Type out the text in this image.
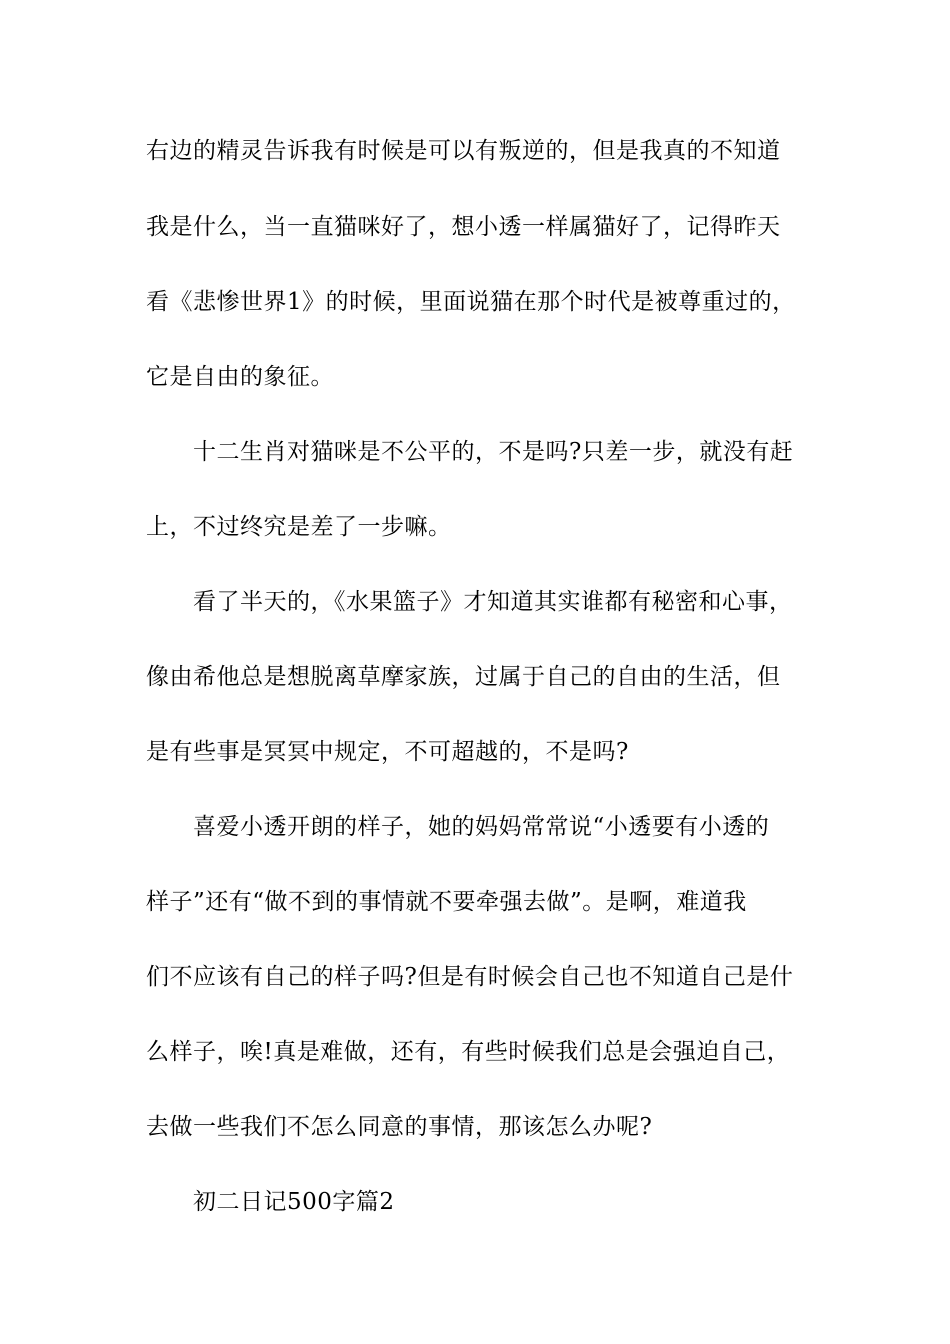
右边的精灵告诉我有时候是可以有叛逆的，但是我真的不知道
我是什么，当一直猫咪好了，想小透一样属猫好了，记得昨天
看《悲惨世界1》的时候，里面说猫在那个时代是被尊重过的，
它是自由的象征。
十二生肖对猫咪是不公平的，不是吗?只差一步，就没有赶
上，不过终究是差了一步嘛。
看了半天的，《水果篮子》才知道其实谁都有秘密和心事，
像由希他总是想脱离草摩家族，过属于自己的自由的生活，但
是有些事是冥冥中规定，不可超越的，不是吗?
喜爱小透开朗的样子，她的妈妈常常说“小透要有小透的
样子”还有“做不到的事情就不要牵强去做”。是啊，难道我
们不应该有自己的样子吗?但是有时候会自己也不知道自己是什
么样子，唉!真是难做，还有，有些时候我们总是会强迫自己，
去做一些我们不怎么同意的事情，那该怎么办呢?
初二日记500字篇2
